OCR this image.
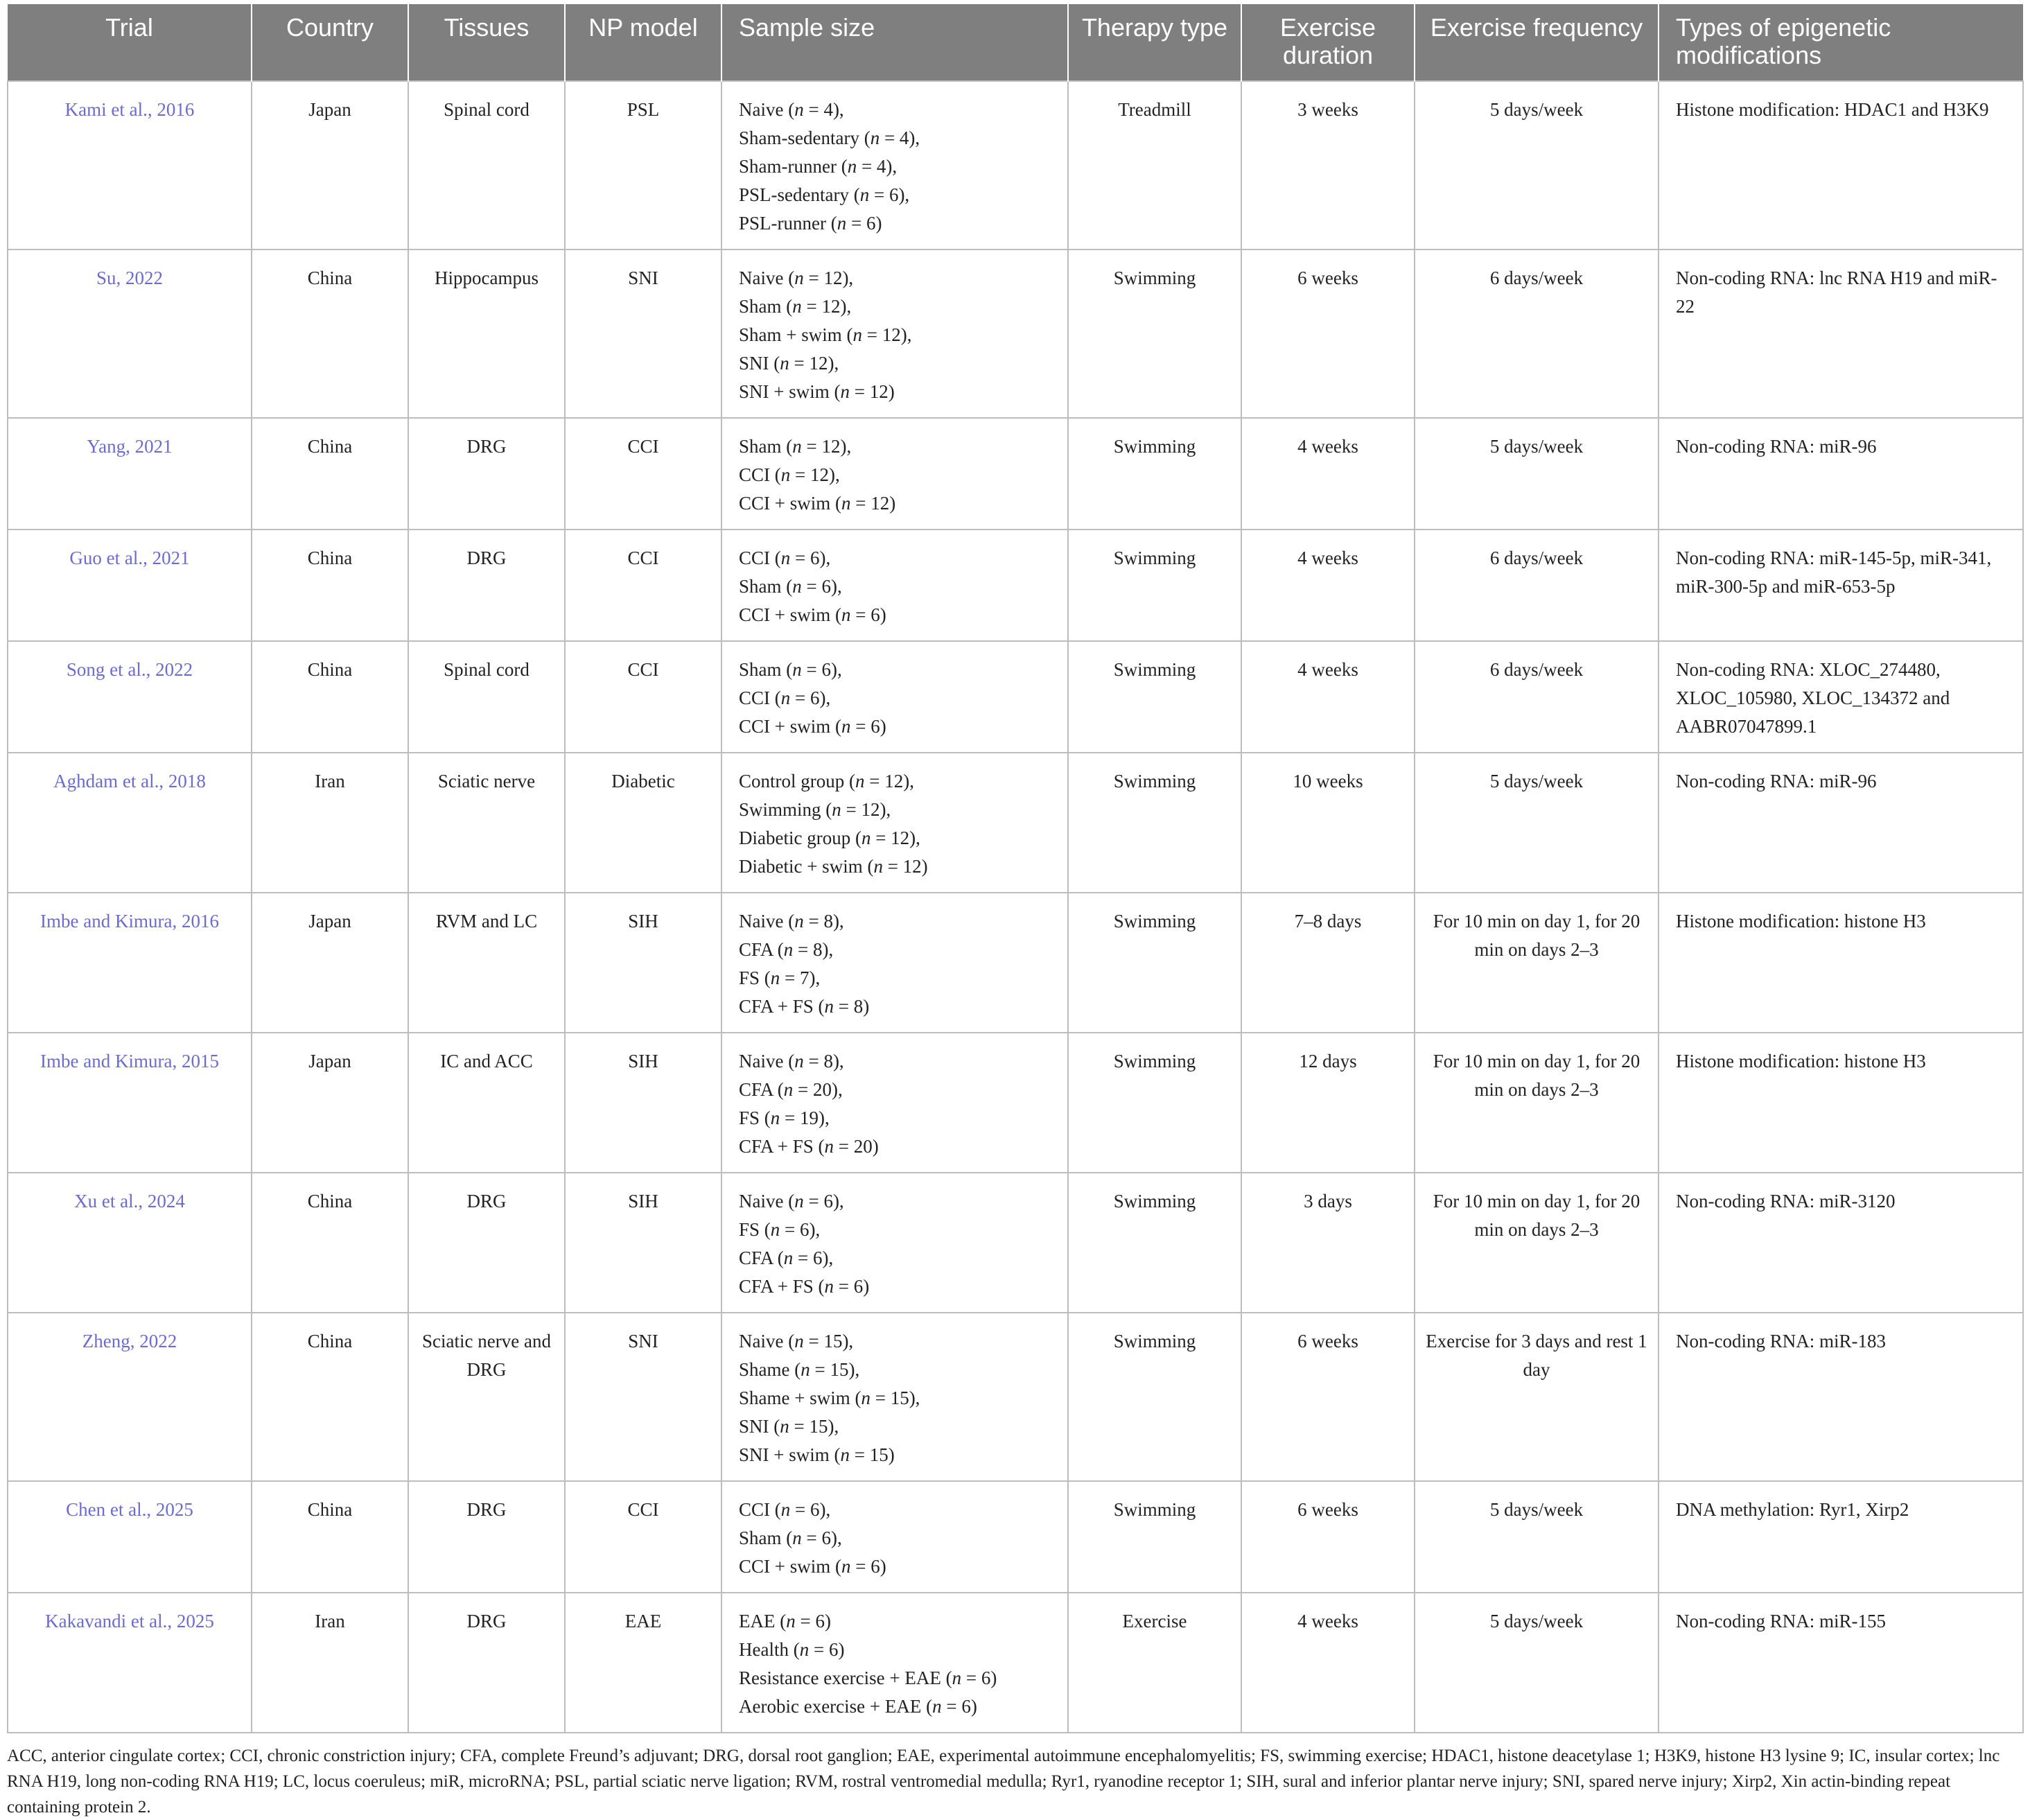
Trial	Country	Tissues	NP model	Sample size	Therapy type	Exercise duration	Exercise frequency	Types of epigenetic modifications
Kami et al., 2016	Japan	Spinal cord	PSL	Naive (n = 4),
Sham-sedentary (n = 4),
Sham-runner (n = 4),
PSL-sedentary (n = 6),
PSL-runner (n = 6)	Treadmill	3 weeks	5 days/week	Histone modification: HDAC1 and H3K9
Su, 2022	China	Hippocampus	SNI	Naive (n = 12),
Sham (n = 12),
Sham + swim (n = 12),
SNI (n = 12),
SNI + swim (n = 12)	Swimming	6 weeks	6 days/week	Non-coding RNA: lnc RNA H19 and miR-22
Yang, 2021	China	DRG	CCI	Sham (n = 12),
CCI (n = 12),
CCI + swim (n = 12)	Swimming	4 weeks	5 days/week	Non-coding RNA: miR-96
Guo et al., 2021	China	DRG	CCI	CCI (n = 6),
Sham (n = 6),
CCI + swim (n = 6)	Swimming	4 weeks	6 days/week	Non-coding RNA: miR-145-5p, miR-341, miR-300-5p and miR-653-5p
Song et al., 2022	China	Spinal cord	CCI	Sham (n = 6),
CCI (n = 6),
CCI + swim (n = 6)	Swimming	4 weeks	6 days/week	Non-coding RNA: XLOC_274480, XLOC_105980, XLOC_134372 and AABR07047899.1
Aghdam et al., 2018	Iran	Sciatic nerve	Diabetic	Control group (n = 12),
Swimming (n = 12),
Diabetic group (n = 12),
Diabetic + swim (n = 12)	Swimming	10 weeks	5 days/week	Non-coding RNA: miR-96
Imbe and Kimura, 2016	Japan	RVM and LC	SIH	Naive (n = 8),
CFA (n = 8),
FS (n = 7),
CFA + FS (n = 8)	Swimming	7–8 days	For 10 min on day 1, for 20 min on days 2–3	Histone modification: histone H3
Imbe and Kimura, 2015	Japan	IC and ACC	SIH	Naive (n = 8),
CFA (n = 20),
FS (n = 19),
CFA + FS (n = 20)	Swimming	12 days	For 10 min on day 1, for 20 min on days 2–3	Histone modification: histone H3
Xu et al., 2024	China	DRG	SIH	Naive (n = 6),
FS (n = 6),
CFA (n = 6),
CFA + FS (n = 6)	Swimming	3 days	For 10 min on day 1, for 20 min on days 2–3	Non-coding RNA: miR-3120
Zheng, 2022	China	Sciatic nerve and DRG	SNI	Naive (n = 15),
Shame (n = 15),
Shame + swim (n = 15),
SNI (n = 15),
SNI + swim (n = 15)	Swimming	6 weeks	Exercise for 3 days and rest 1 day	Non-coding RNA: miR-183
Chen et al., 2025	China	DRG	CCI	CCI (n = 6),
Sham (n = 6),
CCI + swim (n = 6)	Swimming	6 weeks	5 days/week	DNA methylation: Ryr1, Xirp2
Kakavandi et al., 2025	Iran	DRG	EAE	EAE (n = 6)
Health (n = 6)
Resistance exercise + EAE (n = 6)
Aerobic exercise + EAE (n = 6)	Exercise	4 weeks	5 days/week	Non-coding RNA: miR-155
ACC, anterior cingulate cortex; CCI, chronic constriction injury; CFA, complete Freund’s adjuvant; DRG, dorsal root ganglion; EAE, experimental autoimmune encephalomyelitis; FS, swimming exercise; HDAC1, histone deacetylase 1; H3K9, histone H3 lysine 9; IC, insular cortex; lnc RNA H19, long non-coding RNA H19; LC, locus coeruleus; miR, microRNA; PSL, partial sciatic nerve ligation; RVM, rostral ventromedial medulla; Ryr1, ryanodine receptor 1; SIH, sural and inferior plantar nerve injury; SNI, spared nerve injury; Xirp2, Xin actin-binding repeat containing protein 2.
